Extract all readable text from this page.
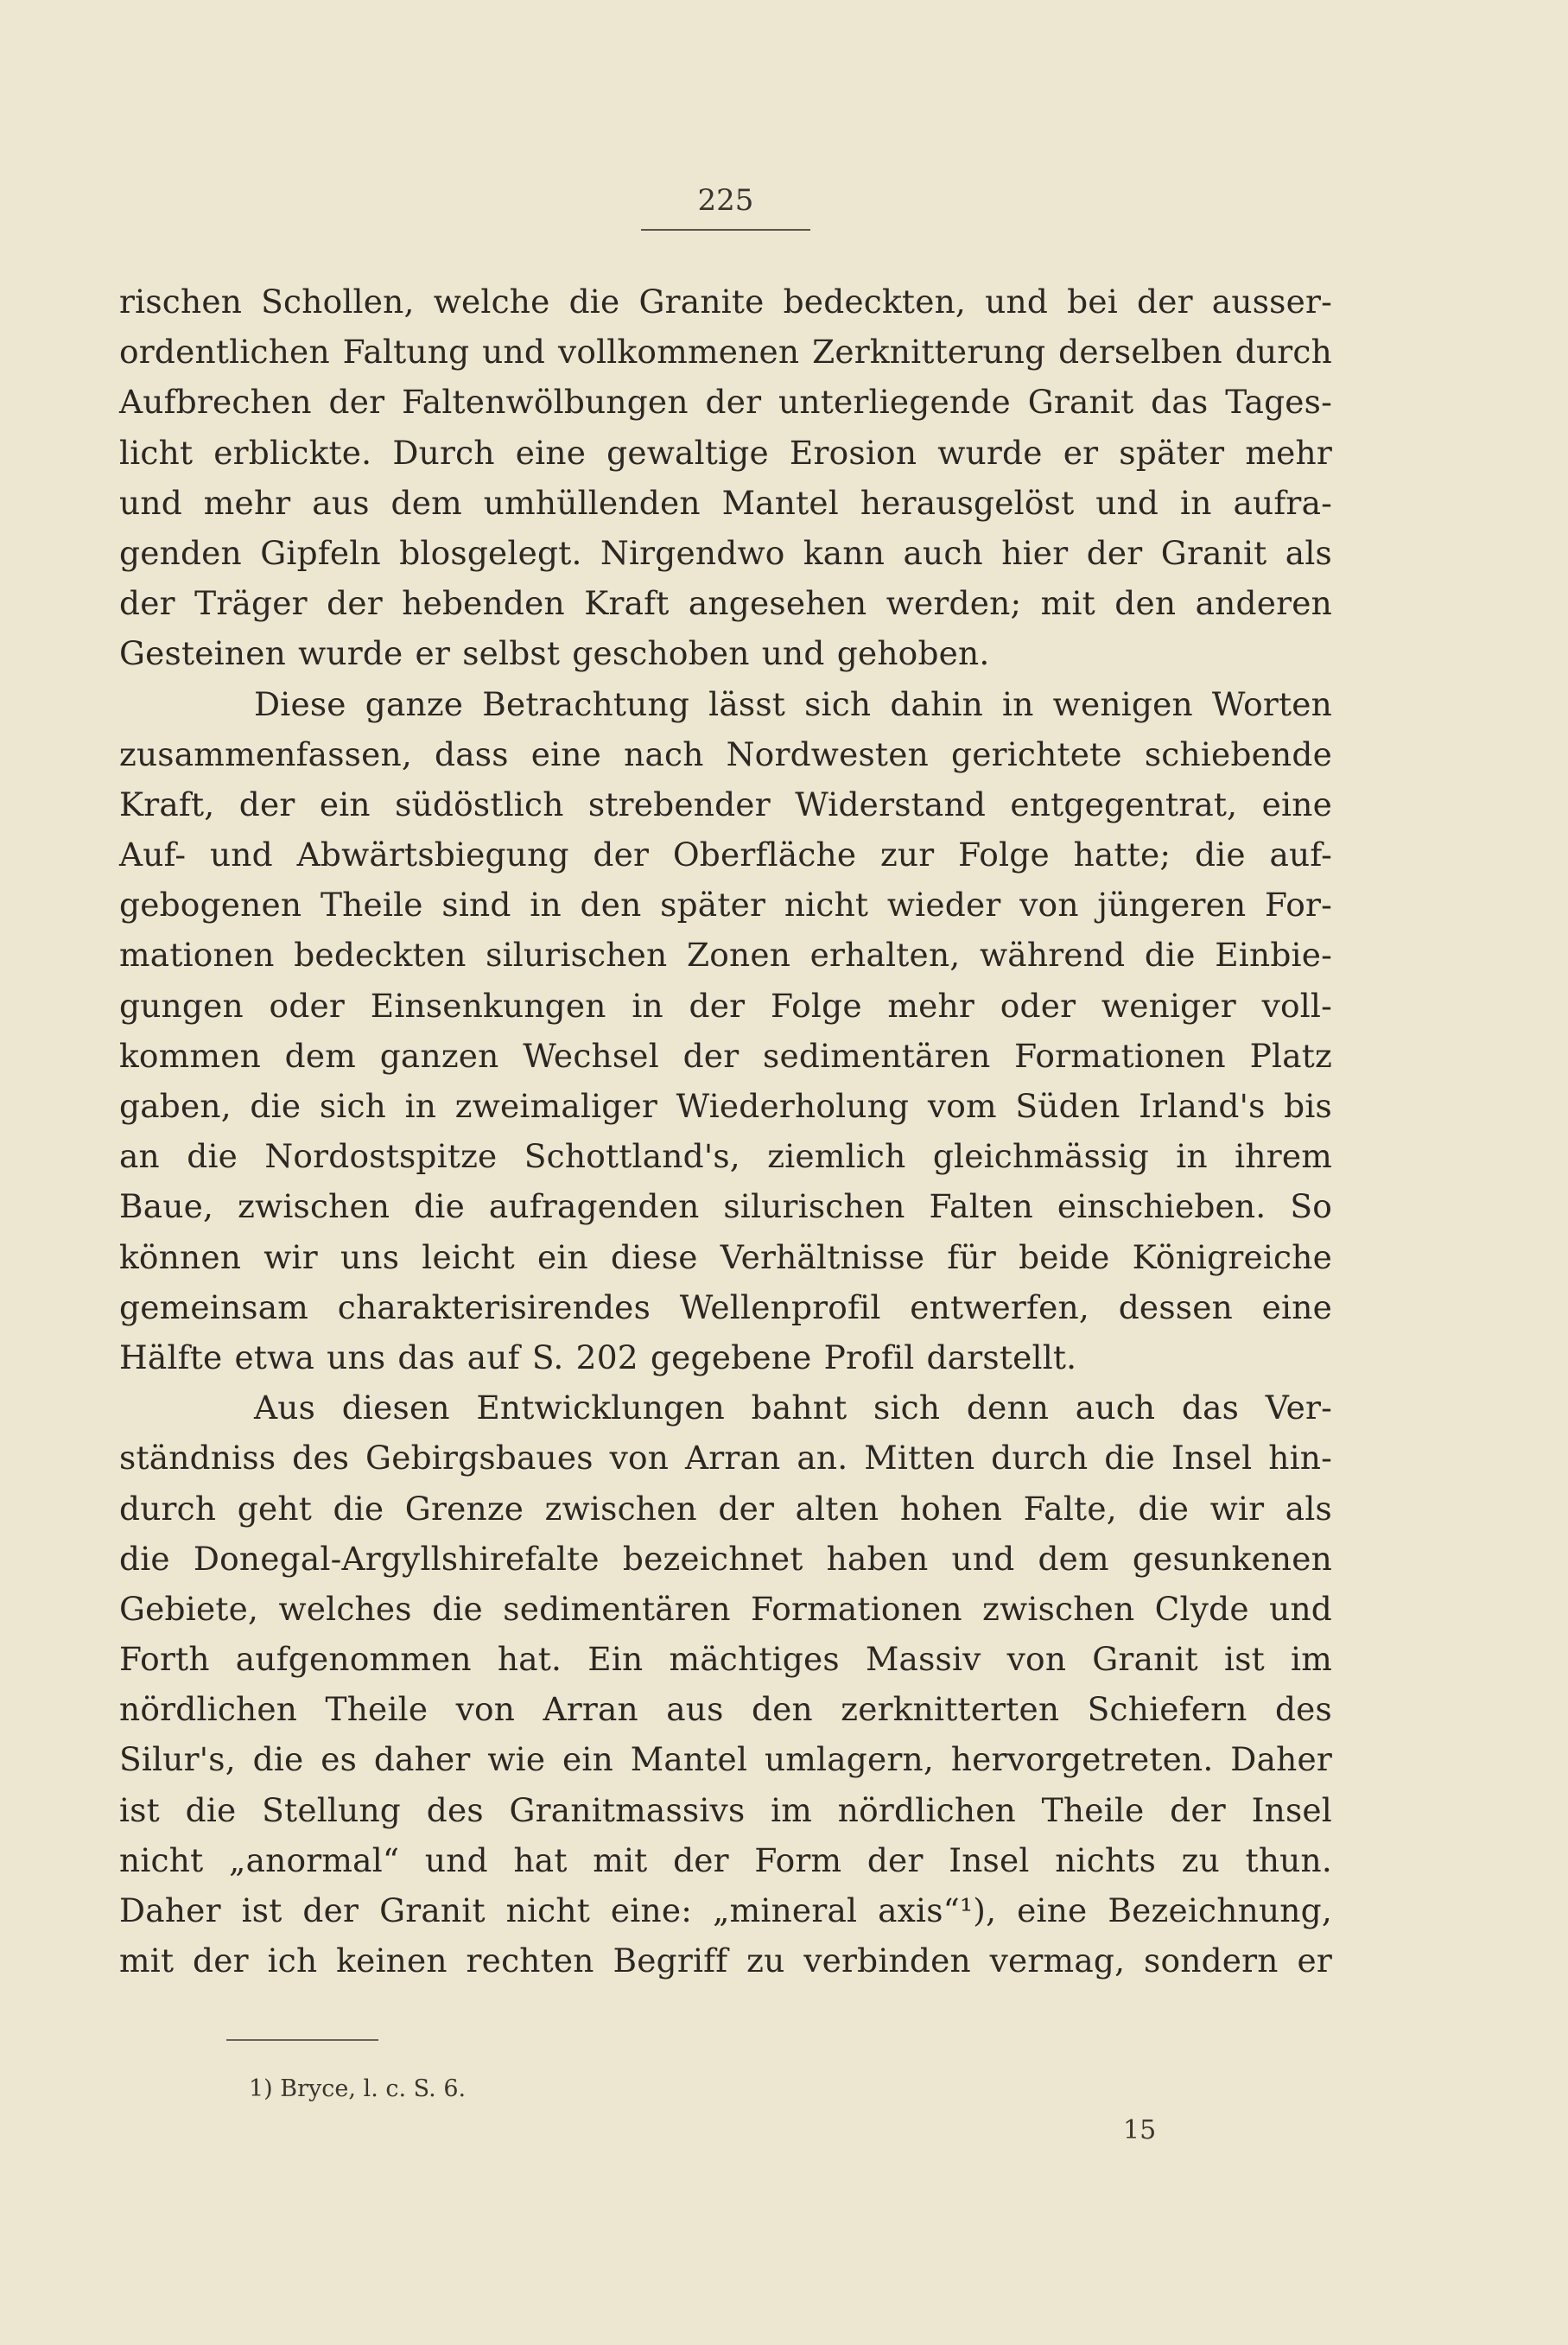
225
rischen Schollen, welche die Granite bedeckten, und bei der ausser-
ordentlichen Faltung und vollkommenen Zerknitterung derselben durch
Aufbrechen der Faltenwölbungen der unterliegende Granit das Tages-
licht erblickte. Durch eine gewaltige Erosion wurde er später mehr
und mehr aus dem umhüllenden Mantel herausgelöst und in aufra-
genden Gipfeln blosgelegt. Nirgendwo kann auch hier der Granit als
der Träger der hebenden Kraft angesehen werden; mit den anderen
Gesteinen wurde er selbst geschoben und gehoben.
Diese ganze Betrachtung lässt sich dahin in wenigen Worten
zusammenfassen, dass eine nach Nordwesten gerichtete schiebende
Kraft, der ein südöstlich strebender Widerstand entgegentrat, eine
Auf- und Abwärtsbiegung der Oberfläche zur Folge hatte; die auf-
gebogenen Theile sind in den später nicht wieder von jüngeren For-
mationen bedeckten silurischen Zonen erhalten, während die Einbie-
gungen oder Einsenkungen in der Folge mehr oder weniger voll-
kommen dem ganzen Wechsel der sedimentären Formationen Platz
gaben, die sich in zweimaliger Wiederholung vom Süden Irland's bis
an die Nordostspitze Schottland's, ziemlich gleichmässig in ihrem
Baue, zwischen die aufragenden silurischen Falten einschieben. So
können wir uns leicht ein diese Verhältnisse für beide Königreiche
gemeinsam charakterisirendes Wellenprofil entwerfen, dessen eine
Hälfte etwa uns das auf S. 202 gegebene Profil darstellt.
Aus diesen Entwicklungen bahnt sich denn auch das Ver-
ständniss des Gebirgsbaues von Arran an. Mitten durch die Insel hin-
durch geht die Grenze zwischen der alten hohen Falte, die wir als
die Donegal-Argyllshirefalte bezeichnet haben und dem gesunkenen
Gebiete, welches die sedimentären Formationen zwischen Clyde und
Forth aufgenommen hat. Ein mächtiges Massiv von Granit ist im
nördlichen Theile von Arran aus den zerknitterten Schiefern des
Silur's, die es daher wie ein Mantel umlagern, hervorgetreten. Daher
ist die Stellung des Granitmassivs im nördlichen Theile der Insel
nicht „anormal“ und hat mit der Form der Insel nichts zu thun.
Daher ist der Granit nicht eine: „mineral axis“¹), eine Bezeichnung,
mit der ich keinen rechten Begriff zu verbinden vermag, sondern er
1) Bryce, l. c. S. 6.
15
